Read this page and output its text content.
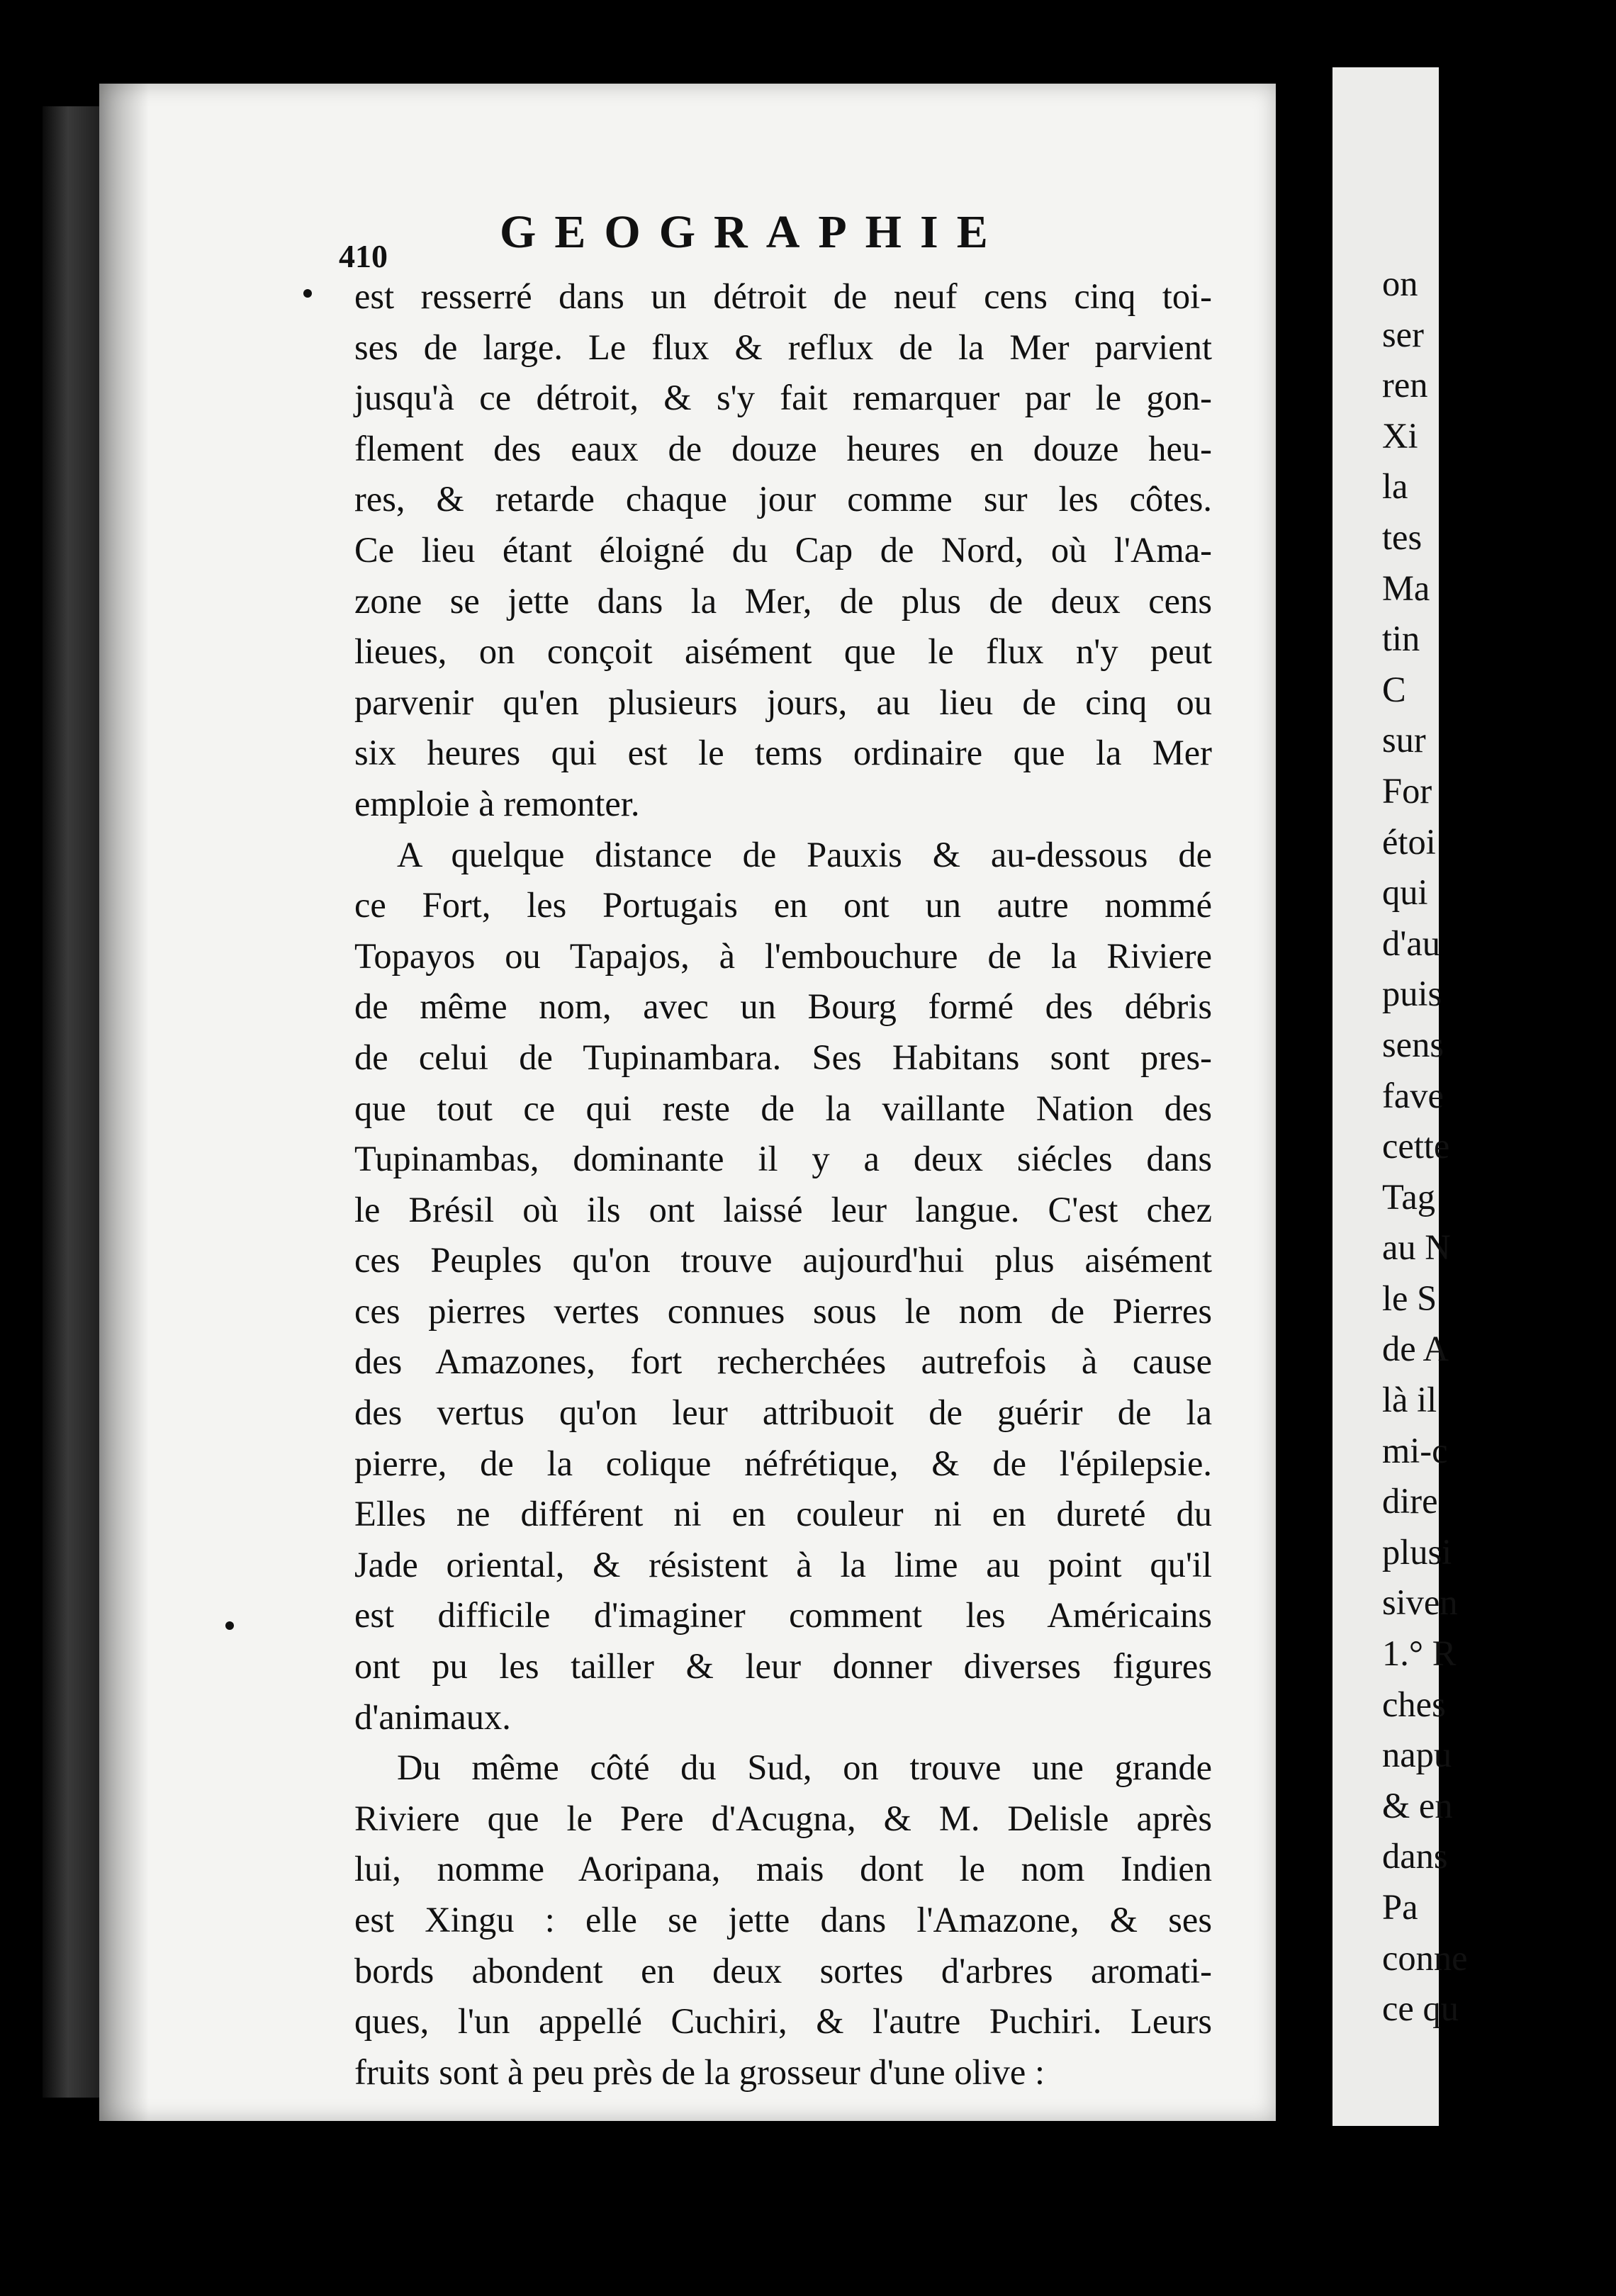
on
ser
ren
Xi
la
tes
Ma
tin
C
sur
For
étoi
qui
d'au
puis
sens
fave
cette
Tag
au N
le S
de A
là il
mi-c
dire
plusi
siven
1.° R
ches
napu
& en
dans
Pa
conne
ce qu
410 GEOGRAPHIE
est resserré dans un détroit de neuf cens cinq toi-
ses de large. Le flux & reflux de la Mer parvient
jusqu'à ce détroit, & s'y fait remarquer par le gon-
flement des eaux de douze heures en douze heu-
res, & retarde chaque jour comme sur les côtes.
Ce lieu étant éloigné du Cap de Nord, où l'Ama-
zone se jette dans la Mer, de plus de deux cens
lieues, on conçoit aisément que le flux n'y peut
parvenir qu'en plusieurs jours, au lieu de cinq ou
six heures qui est le tems ordinaire que la Mer
emploie à remonter.
A quelque distance de Pauxis & au-dessous de
ce Fort, les Portugais en ont un autre nommé
Topayos ou Tapajos, à l'embouchure de la Riviere
de même nom, avec un Bourg formé des débris
de celui de Tupinambara. Ses Habitans sont pres-
que tout ce qui reste de la vaillante Nation des
Tupinambas, dominante il y a deux siécles dans
le Brésil où ils ont laissé leur langue. C'est chez
ces Peuples qu'on trouve aujourd'hui plus aisément
ces pierres vertes connues sous le nom de Pierres
des Amazones, fort recherchées autrefois à cause
des vertus qu'on leur attribuoit de guérir de la
pierre, de la colique néfrétique, & de l'épilepsie.
Elles ne différent ni en couleur ni en dureté du
Jade oriental, & résistent à la lime au point qu'il
est difficile d'imaginer comment les Américains
ont pu les tailler & leur donner diverses figures
d'animaux.
Du même côté du Sud, on trouve une grande
Riviere que le Pere d'Acugna, & M. Delisle après
lui, nomme Aoripana, mais dont le nom Indien
est Xingu : elle se jette dans l'Amazone, & ses
bords abondent en deux sortes d'arbres aromati-
ques, l'un appellé Cuchiri, & l'autre Puchiri. Leurs
fruits sont à peu près de la grosseur d'une olive :
